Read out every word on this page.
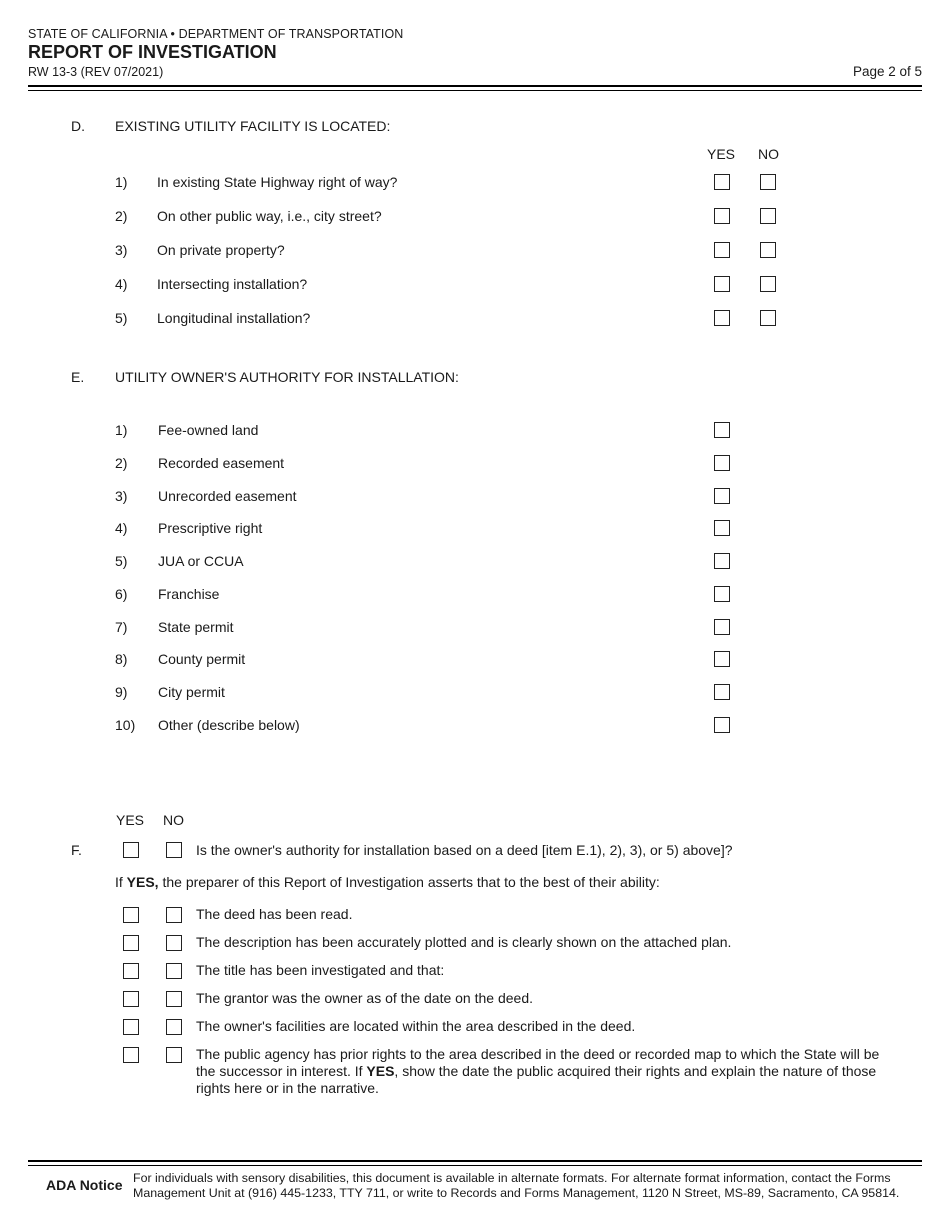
STATE OF CALIFORNIA • DEPARTMENT OF TRANSPORTATION
REPORT OF INVESTIGATION
RW 13-3 (REV 07/2021)	Page 2 of 5
D. EXISTING UTILITY FACILITY IS LOCATED:
YES NO
1) In existing State Highway right of way?
2) On other public way, i.e., city street?
3) On private property?
4) Intersecting installation?
5) Longitudinal installation?
E. UTILITY OWNER'S AUTHORITY FOR INSTALLATION:
1) Fee-owned land
2) Recorded easement
3) Unrecorded easement
4) Prescriptive right
5) JUA or CCUA
6) Franchise
7) State permit
8) County permit
9) City permit
10) Other (describe below)
YES NO
F.	Is the owner's authority for installation based on a deed [item E.1), 2), 3), or 5) above]?
If YES, the preparer of this Report of Investigation asserts that to the best of their ability:
The deed has been read.
The description has been accurately plotted and is clearly shown on the attached plan.
The title has been investigated and that:
The grantor was the owner as of the date on the deed.
The owner's facilities are located within the area described in the deed.
The public agency has prior rights to the area described in the deed or recorded map to which the State will be the successor in interest. If YES, show the date the public acquired their rights and explain the nature of those rights here or in the narrative.
ADA Notice For individuals with sensory disabilities, this document is available in alternate formats. For alternate format information, contact the Forms Management Unit at (916) 445-1233, TTY 711, or write to Records and Forms Management, 1120 N Street, MS-89, Sacramento, CA 95814.
